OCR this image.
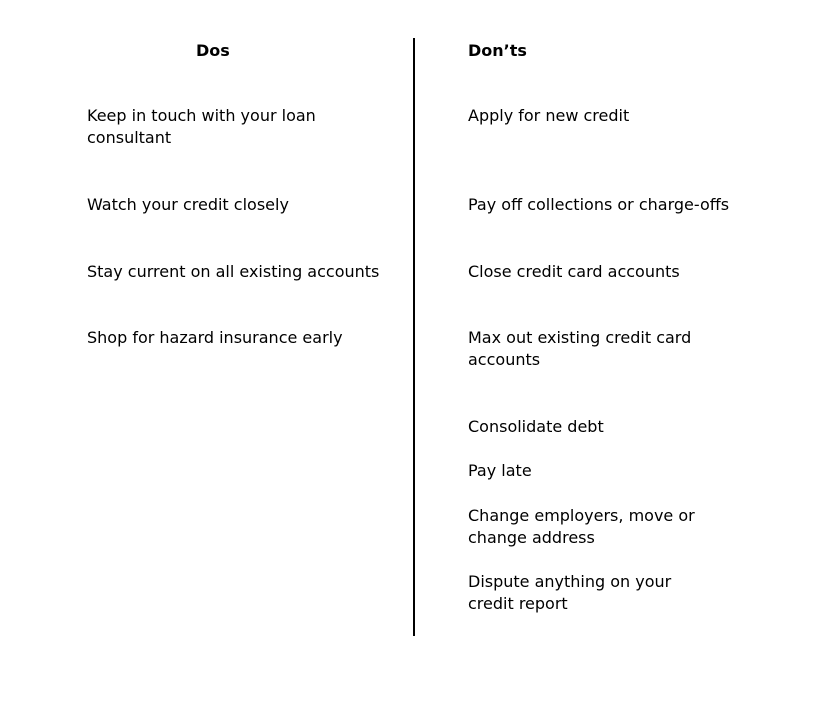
Dos
Keep in touch with your loan consultant
Watch your credit closely
Stay current on all existing accounts
Shop for hazard insurance early
Don’ts
Apply for new credit
Pay off collections or charge-offs
Close credit card accounts
Max out existing credit card accounts
Consolidate debt
Pay late
Change employers, move or change address
Dispute anything on your credit report
